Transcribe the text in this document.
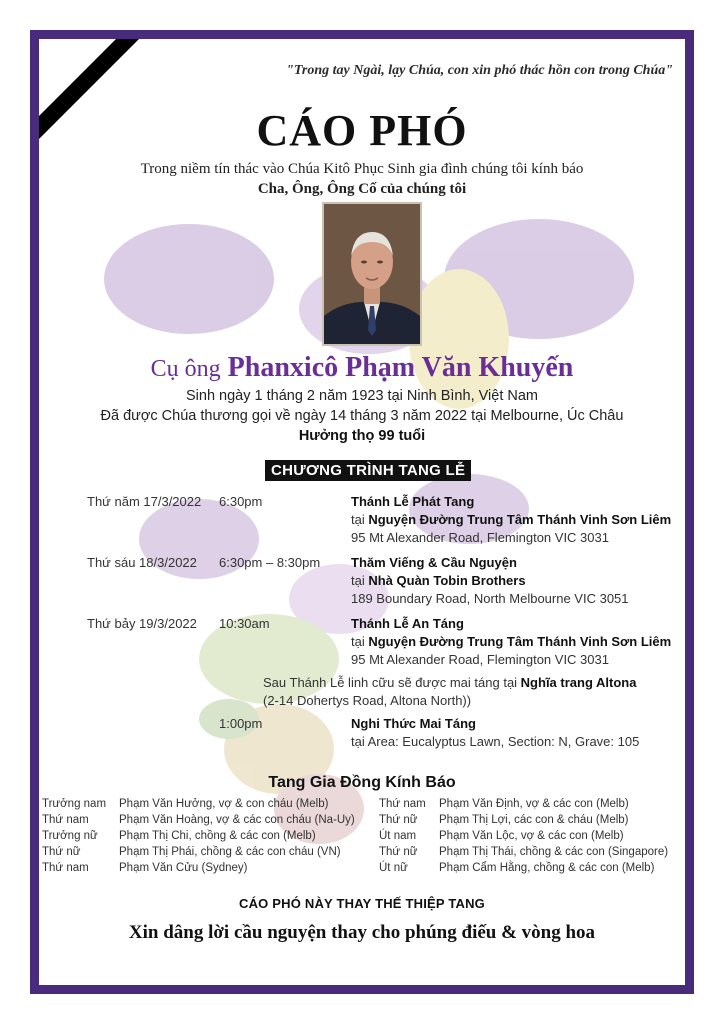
"Trong tay Ngài, lạy Chúa, con xin phó thác hồn con trong Chúa"
CÁO PHÓ
Trong niềm tín thác vào Chúa Kitô Phục Sinh gia đình chúng tôi kính báo
Cha, Ông, Ông Cố của chúng tôi
Cụ ông Phanxicô Phạm Văn Khuyến
Sinh ngày 1 tháng 2 năm 1923 tại Ninh Bình, Việt Nam
Đã được Chúa thương gọi về ngày 14 tháng 3 năm 2022 tại Melbourne, Úc Châu
Hưởng thọ 99 tuổi
CHƯƠNG TRÌNH TANG LỄ
Thứ năm 17/3/2022 6:30pm	Thánh Lễ Phát Tang
tại Nguyện Đường Trung Tâm Thánh Vinh Sơn Liêm
95 Mt Alexander Road, Flemington VIC 3031
Thứ sáu 18/3/2022 6:30pm – 8:30pm Thăm Viếng & Cầu Nguyện
tại Nhà Quàn Tobin Brothers
189 Boundary Road, North Melbourne VIC 3051
Thứ bảy 19/3/2022 10:30am	Thánh Lễ An Táng
tại Nguyện Đường Trung Tâm Thánh Vinh Sơn Liêm
95 Mt Alexander Road, Flemington VIC 3031
Sau Thánh Lễ linh cữu sẽ được mai táng tại Nghĩa trang Altona
(2-14 Dohertys Road, Altona North))
1:00pm	Nghi Thức Mai Táng
tại Area: Eucalyptus Lawn, Section: N, Grave: 105
Tang Gia Đồng Kính Báo
Trưởng nam Phạm Văn Hưởng, vợ & con cháu (Melb)
Thứ nam	Phạm Văn Hoàng, vợ & các con cháu (Na-Uy)
Trưởng nữ Phạm Thị Chi, chồng & các con (Melb)
Thứ nữ	Phạm Thị Phái, chồng & các con cháu (VN)
Thứ nam	Phạm Văn Cửu (Sydney)
Thứ nam Phạm Văn Định, vợ & các con (Melb)
Thứ nữ Phạm Thị Lợi, các con & cháu (Melb)
Út nam Phạm Văn Lộc, vợ & các con (Melb)
Thứ nữ Phạm Thị Thái, chồng & các con (Singapore)
Út nữ	Phạm Cẩm Hằng, chồng & các con (Melb)
CÁO PHÓ NÀY THAY THẾ THIỆP TANG
Xin dâng lời cầu nguyện thay cho phúng điếu & vòng hoa
